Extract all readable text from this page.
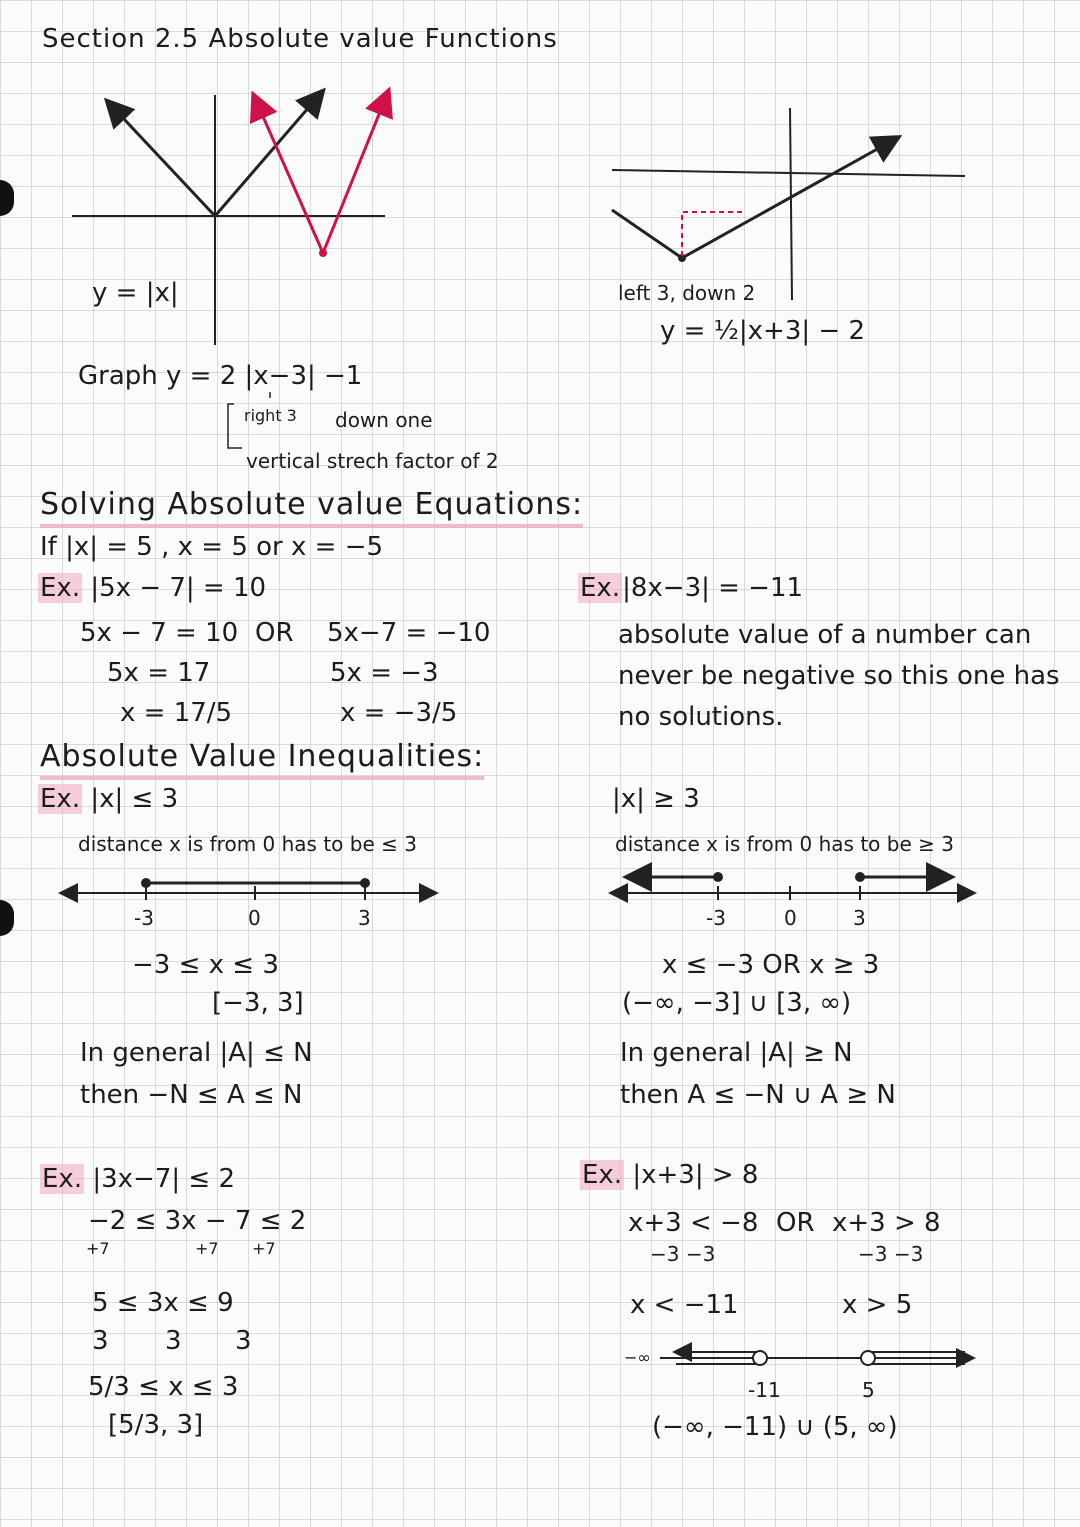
Section 2.5 Absolute value Functions
y = |x|	left 3, down 2
y = ½|x+3| − 2
Graph y = 2 |x−3| −1
right 3 down one
vertical strech factor of 2
Solving Absolute value Equations:
If |x| = 5 , x = 5 or x = −5
Ex. |5x − 7| = 10
5x − 7 = 10 OR 5x−7 = −10
5x = 17	5x = −3
x = 17/5	x = −3/5
Ex.|8x−3| = −11
absolute value of a number can
never be negative so this one has
no solutions.
Absolute Value Inequalities:
Ex. |x| ≤ 3
distance x is from 0 has to be ≤ 3
-3	0	3
−3 ≤ x ≤ 3
[−3, 3]
In general |A| ≤ N
then −N ≤ A ≤ N
|x| ≥ 3
distance x is from 0 has to be ≥ 3
-3	0	3
x ≤ −3 OR x ≥ 3
(−∞, −3] ∪ [3, ∞)
In general |A| ≥ N
then A ≤ −N ∪ A ≥ N
Ex. |3x−7| ≤ 2
−2 ≤ 3x − 7 ≤ 2
+7	+7 +7
5 ≤ 3x ≤ 9
3 3 3
5/3 ≤ x ≤ 3
[5/3, 3]
Ex. |x+3| > 8
x+3 < −8 OR x+3 > 8
−3 −3	−3 −3
x < −11	x > 5
−∞
-11	5
(−∞, −11) ∪ (5, ∞)
